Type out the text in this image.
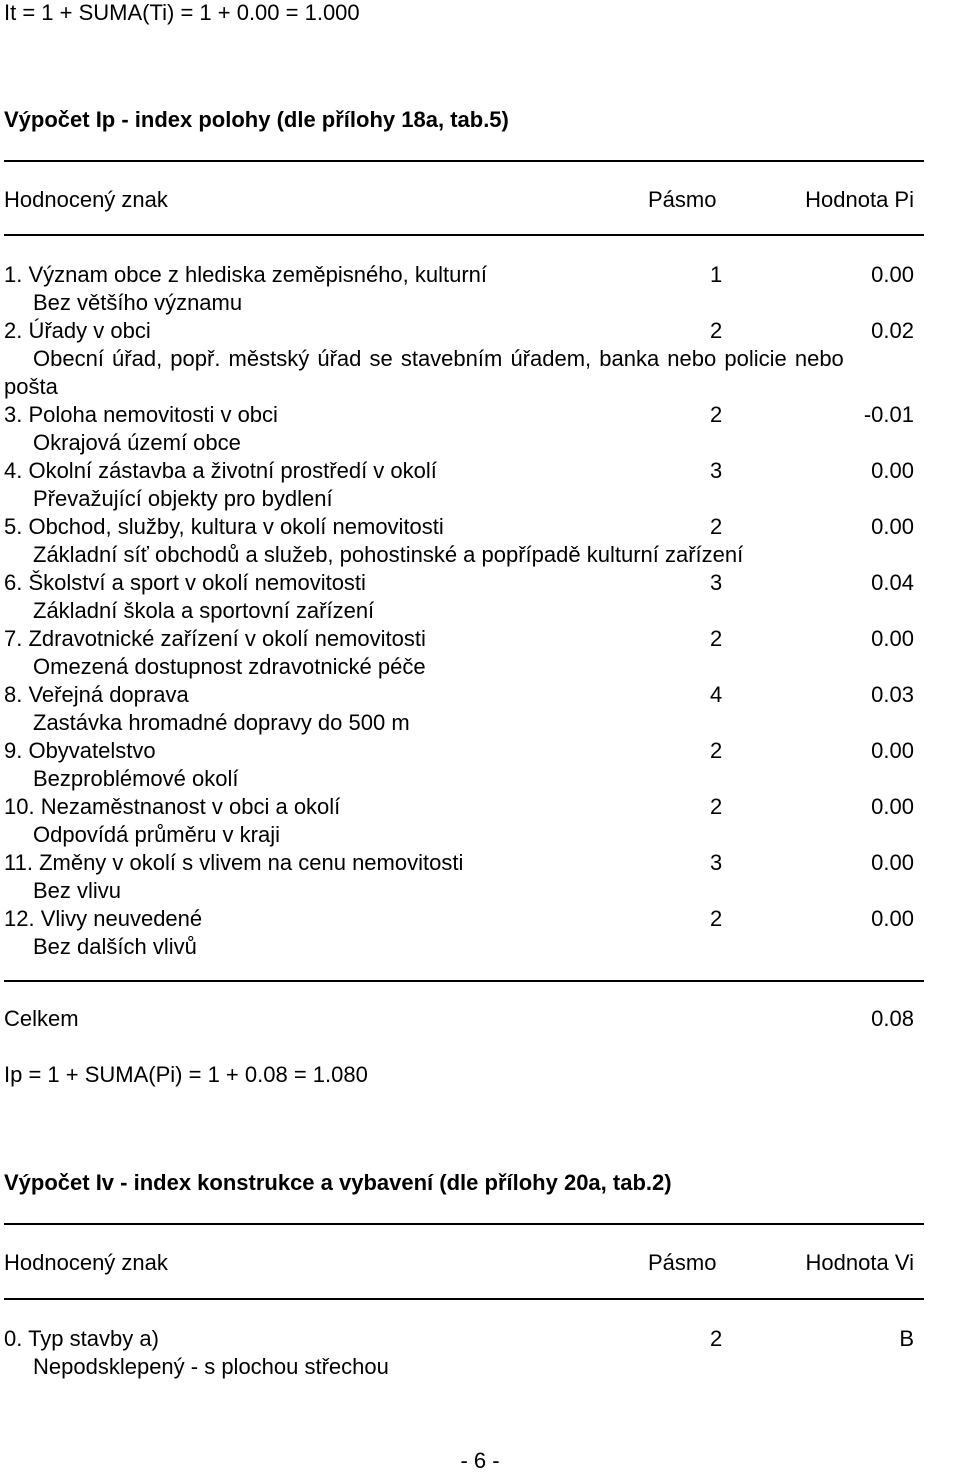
It = 1 + SUMA(Ti) = 1 + 0.00 = 1.000
Výpočet Ip - index polohy (dle přílohy 18a, tab.5)
Hodnocený znak	Pásmo	Hodnota Pi
1. Význam obce z hlediska zeměpisného, kulturní	1	0.00
Bez většího významu
2. Úřady v obci	2	0.02
Obecní úřad, popř. městský úřad se stavebním úřadem, banka nebo policie nebo
pošta
3. Poloha nemovitosti v obci	2	-0.01
Okrajová území obce
4. Okolní zástavba a životní prostředí v okolí	3	0.00
Převažující objekty pro bydlení
5. Obchod, služby, kultura v okolí nemovitosti	2	0.00
Základní síť obchodů a služeb, pohostinské a popřípadě kulturní zařízení
6. Školství a sport v okolí nemovitosti	3	0.04
Základní škola a sportovní zařízení
7. Zdravotnické zařízení v okolí nemovitosti	2	0.00
Omezená dostupnost zdravotnické péče
8. Veřejná doprava	4	0.03
Zastávka hromadné dopravy do 500 m
9. Obyvatelstvo	2	0.00
Bezproblémové okolí
10. Nezaměstnanost v obci a okolí	2	0.00
Odpovídá průměru v kraji
11. Změny v okolí s vlivem na cenu nemovitosti	3	0.00
Bez vlivu
12. Vlivy neuvedené	2	0.00
Bez dalších vlivů
Celkem	0.08
Ip = 1 + SUMA(Pi) = 1 + 0.08 = 1.080
Výpočet Iv - index konstrukce a vybavení (dle přílohy 20a, tab.2)
Hodnocený znak	Pásmo	Hodnota Vi
0. Typ stavby a)	2	B
Nepodsklepený - s plochou střechou
- 6 -
